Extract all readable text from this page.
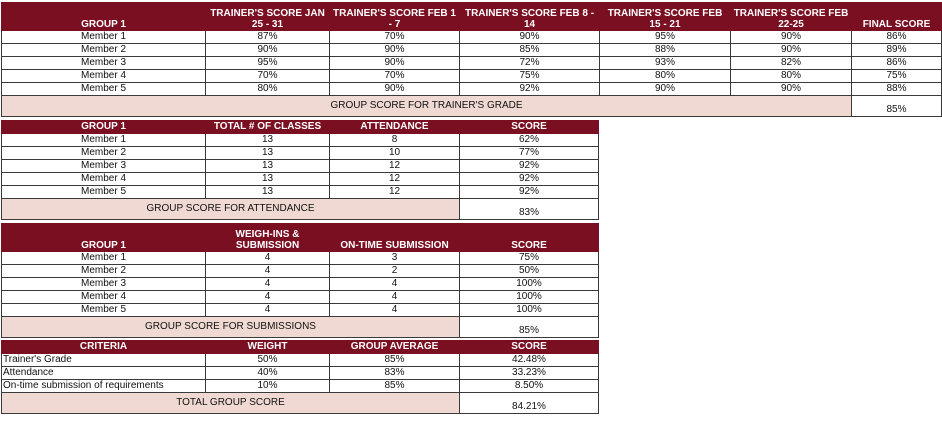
GROUP 1	TRAINER'S SCORE JAN 25 - 31	TRAINER'S SCORE FEB 1 - 7	TRAINER'S SCORE FEB 8 - 14	TRAINER'S SCORE FEB 15 - 21	TRAINER'S SCORE FEB 22-25	FINAL SCORE
Member 1	87%	70%	90%	95%	90%	86%
Member 2	90%	90%	85%	88%	90%	89%
Member 3	95%	90%	72%	93%	82%	86%
Member 4	70%	70%	75%	80%	80%	75%
Member 5	80%	90%	92%	90%	90%	88%
GROUP SCORE FOR TRAINER'S GRADE						85%
GROUP 1	TOTAL # OF CLASSES	ATTENDANCE	SCORE
Member 1	13	8	62%
Member 2	13	10	77%
Member 3	13	12	92%
Member 4	13	12	92%
Member 5	13	12	92%
GROUP SCORE FOR ATTENDANCE			83%
GROUP 1	WEIGH-INS & SUBMISSION	ON-TIME SUBMISSION	SCORE
Member 1	4	3	75%
Member 2	4	2	50%
Member 3	4	4	100%
Member 4	4	4	100%
Member 5	4	4	100%
GROUP SCORE FOR SUBMISSIONS			85%
CRITERIA	WEIGHT	GROUP AVERAGE	SCORE
Trainer's Grade	50%	85%	42.48%
Attendance	40%	83%	33.23%
On-time submission of requirements	10%	85%	8.50%
TOTAL GROUP SCORE			84.21%
